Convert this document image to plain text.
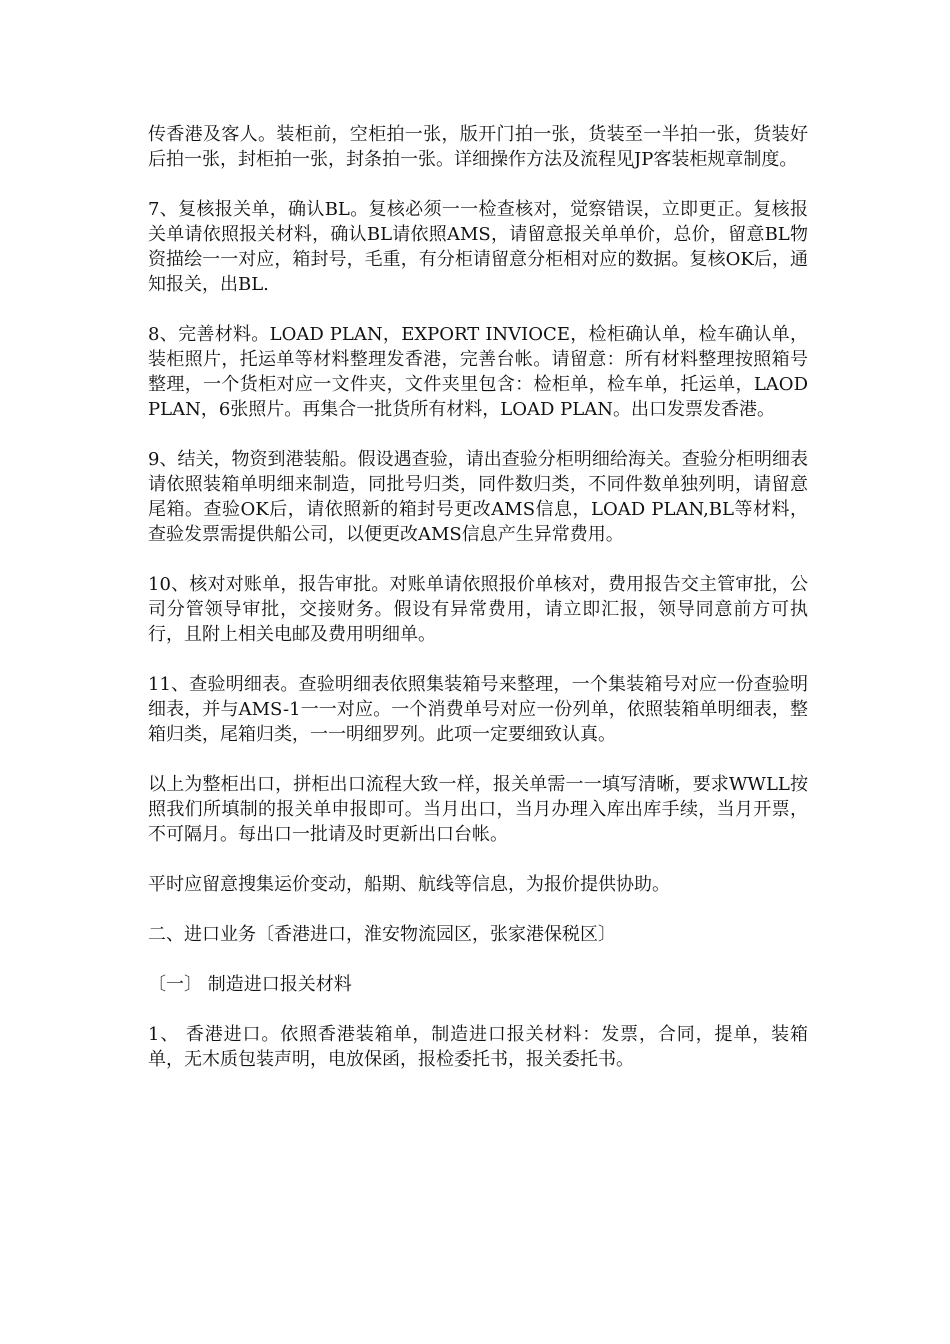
传香港及客人。装柜前，空柜拍一张，版开门拍一张，货装至一半拍一张，货装好后拍一张，封柜拍一张，封条拍一张。详细操作方法及流程见JP客装柜规章制度。

7、复核报关单，确认BL。复核必须一一检查核对，觉察错误，立即更正。复核报关单请依照报关材料，确认BL请依照AMS，请留意报关单单价，总价，留意BL物资描绘一一对应，箱封号，毛重，有分柜请留意分柜相对应的数据。复核OK后，通知报关，出BL.

8、完善材料。LOAD PLAN，EXPORT INVIOCE，检柜确认单，检车确认单，装柜照片，托运单等材料整理发香港，完善台帐。请留意：所有材料整理按照箱号整理，一个货柜对应一文件夹，文件夹里包含：检柜单，检车单，托运单，LAOD PLAN，6张照片。再集合一批货所有材料，LOAD PLAN。出口发票发香港。

9、结关，物资到港装船。假设遇查验，请出查验分柜明细给海关。查验分柜明细表请依照装箱单明细来制造，同批号归类，同件数归类，不同件数单独列明，请留意尾箱。查验OK后，请依照新的箱封号更改AMS信息，LOAD PLAN,BL等材料，查验发票需提供船公司，以便更改AMS信息产生异常费用。

10、核对对账单，报告审批。对账单请依照报价单核对，费用报告交主管审批，公司分管领导审批，交接财务。假设有异常费用，请立即汇报，领导同意前方可执行，且附上相关电邮及费用明细单。

11、查验明细表。查验明细表依照集装箱号来整理，一个集装箱号对应一份查验明细表，并与AMS-1一一对应。一个消费单号对应一份列单，依照装箱单明细表，整箱归类，尾箱归类，一一明细罗列。此项一定要细致认真。

以上为整柜出口，拼柜出口流程大致一样，报关单需一一填写清晰，要求WWLL按照我们所填制的报关单申报即可。当月出口，当月办理入库出库手续，当月开票，不可隔月。每出口一批请及时更新出口台帐。

平时应留意搜集运价变动，船期、航线等信息，为报价提供协助。

二、进口业务〔香港进口，淮安物流园区，张家港保税区〕

〔一〕 制造进口报关材料

1、 香港进口。依照香港装箱单，制造进口报关材料：发票，合同，提单，装箱单，无木质包装声明，电放保函，报检委托书，报关委托书。
